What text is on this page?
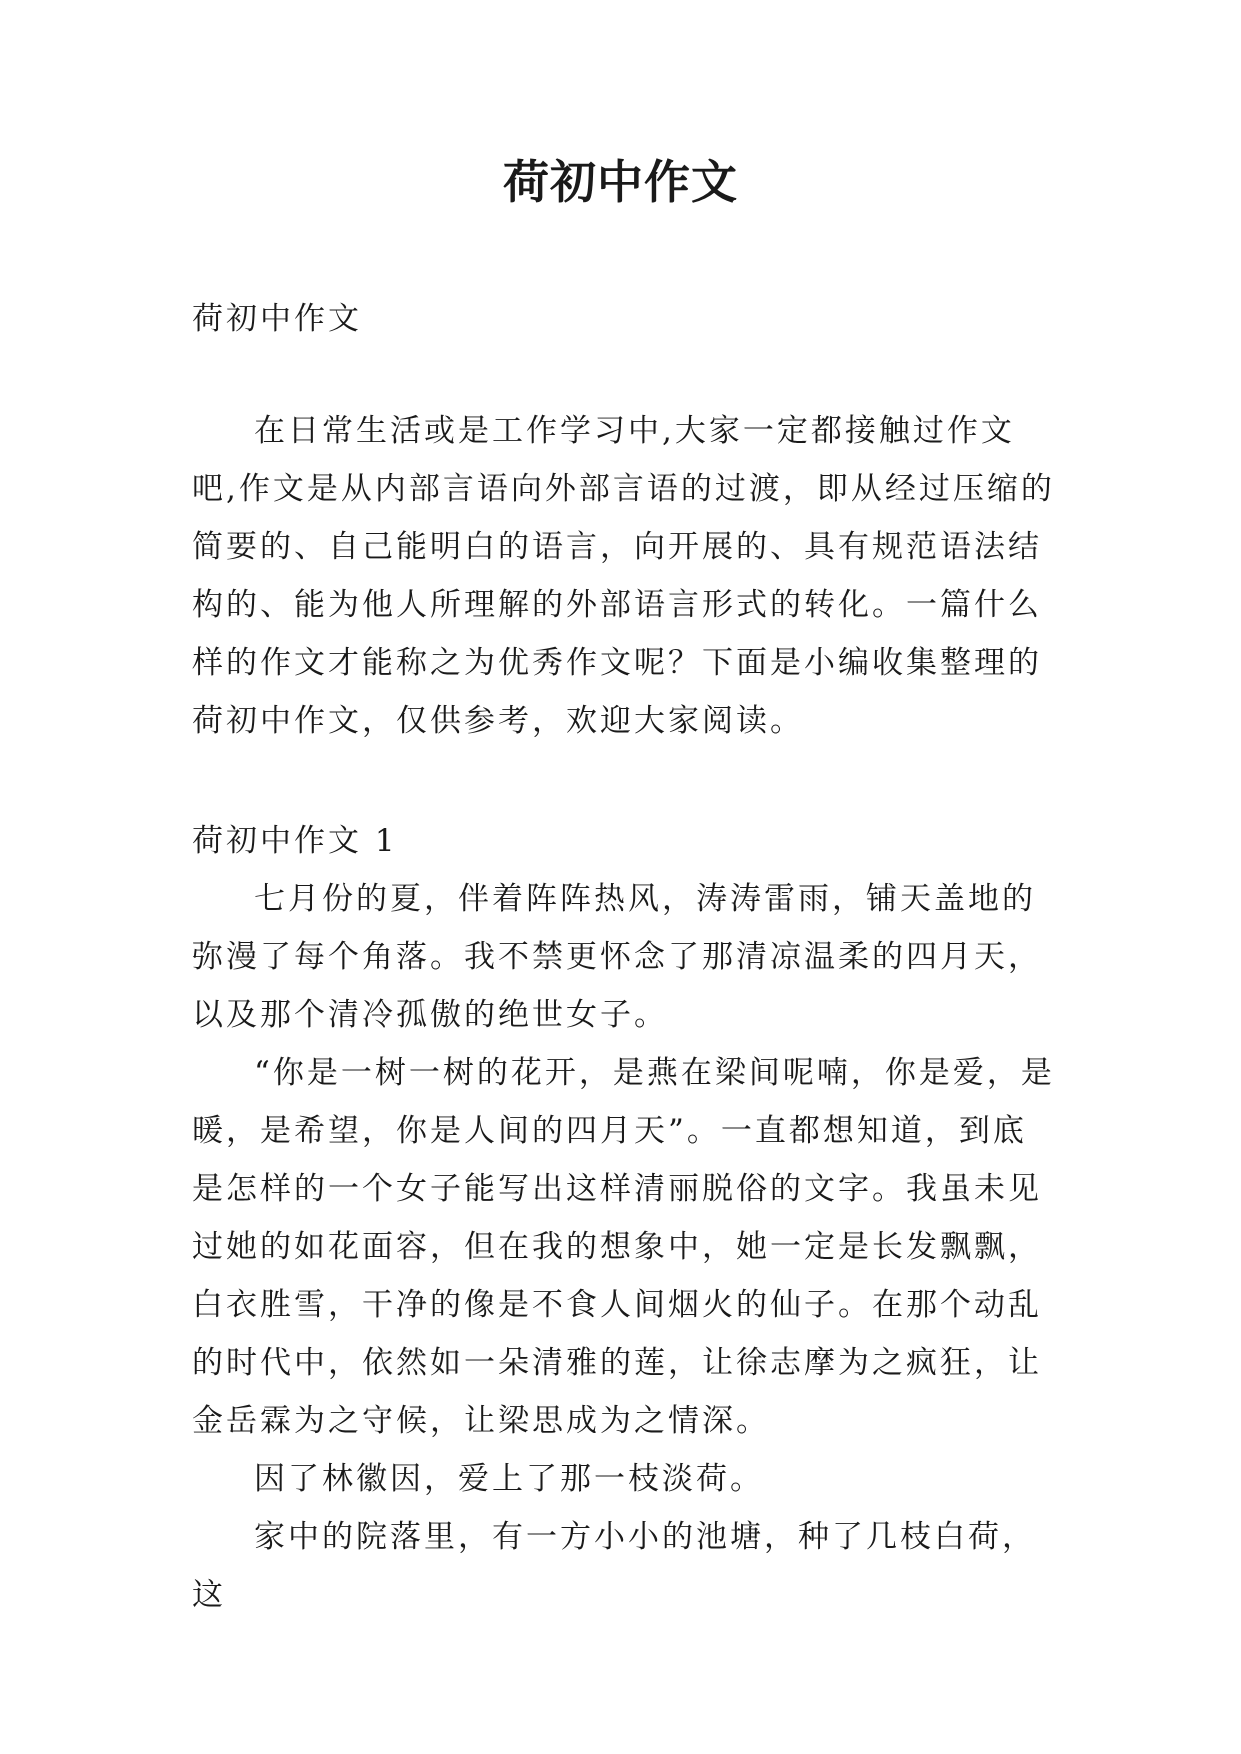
荷初中作文

荷初中作文

在日常生活或是工作学习中,大家一定都接触过作文吧,作文是从内部言语向外部言语的过渡，即从经过压缩的简要的、自己能明白的语言，向开展的、具有规范语法结构的、能为他人所理解的外部语言形式的转化。一篇什么样的作文才能称之为优秀作文呢？下面是小编收集整理的荷初中作文，仅供参考，欢迎大家阅读。

荷初中作文 1

七月份的夏，伴着阵阵热风，涛涛雷雨，铺天盖地的弥漫了每个角落。我不禁更怀念了那清凉温柔的四月天，以及那个清冷孤傲的绝世女子。

“你是一树一树的花开，是燕在梁间呢喃，你是爱，是暖，是希望，你是人间的四月天”。一直都想知道，到底是怎样的一个女子能写出这样清丽脱俗的文字。我虽未见过她的如花面容，但在我的想象中，她一定是长发飘飘，白衣胜雪，干净的像是不食人间烟火的仙子。在那个动乱的时代中，依然如一朵清雅的莲，让徐志摩为之疯狂，让金岳霖为之守候，让梁思成为之情深。

因了林徽因，爱上了那一枝淡荷。

家中的院落里，有一方小小的池塘，种了几枝白荷，这
